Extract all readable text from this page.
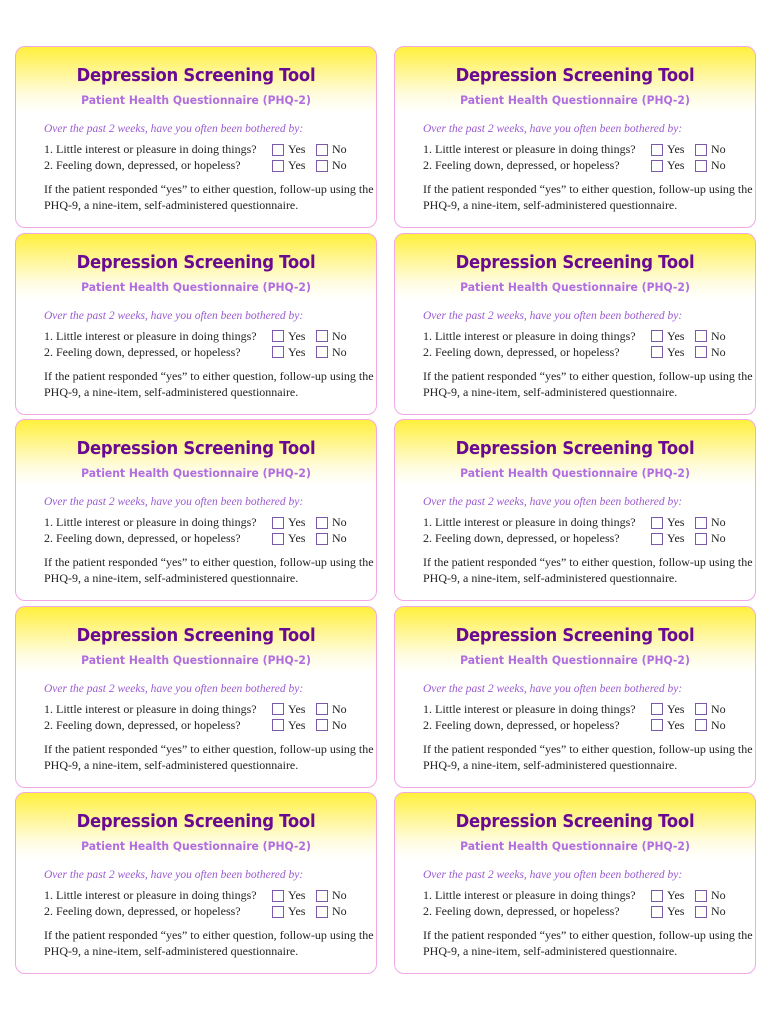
Depression Screening Tool
Patient Health Questionnaire (PHQ-2)
Over the past 2 weeks, have you often been bothered by:
1. Little interest or pleasure in doing things?	Yes No
2. Feeling down, depressed, or hopeless?	Yes No
If the patient responded “yes” to either question, follow-up using the PHQ-9, a nine-item, self-administered questionnaire.
Depression Screening Tool
Patient Health Questionnaire (PHQ-2)
Over the past 2 weeks, have you often been bothered by:
1. Little interest or pleasure in doing things?	Yes No
2. Feeling down, depressed, or hopeless?	Yes No
If the patient responded “yes” to either question, follow-up using the PHQ-9, a nine-item, self-administered questionnaire.
Depression Screening Tool
Patient Health Questionnaire (PHQ-2)
Over the past 2 weeks, have you often been bothered by:
1. Little interest or pleasure in doing things?	Yes No
2. Feeling down, depressed, or hopeless?	Yes No
If the patient responded “yes” to either question, follow-up using the PHQ-9, a nine-item, self-administered questionnaire.
Depression Screening Tool
Patient Health Questionnaire (PHQ-2)
Over the past 2 weeks, have you often been bothered by:
1. Little interest or pleasure in doing things?	Yes No
2. Feeling down, depressed, or hopeless?	Yes No
If the patient responded “yes” to either question, follow-up using the PHQ-9, a nine-item, self-administered questionnaire.
Depression Screening Tool
Patient Health Questionnaire (PHQ-2)
Over the past 2 weeks, have you often been bothered by:
1. Little interest or pleasure in doing things?	Yes No
2. Feeling down, depressed, or hopeless?	Yes No
If the patient responded “yes” to either question, follow-up using the PHQ-9, a nine-item, self-administered questionnaire.
Depression Screening Tool
Patient Health Questionnaire (PHQ-2)
Over the past 2 weeks, have you often been bothered by:
1. Little interest or pleasure in doing things?	Yes No
2. Feeling down, depressed, or hopeless?	Yes No
If the patient responded “yes” to either question, follow-up using the PHQ-9, a nine-item, self-administered questionnaire.
Depression Screening Tool
Patient Health Questionnaire (PHQ-2)
Over the past 2 weeks, have you often been bothered by:
1. Little interest or pleasure in doing things?	Yes No
2. Feeling down, depressed, or hopeless?	Yes No
If the patient responded “yes” to either question, follow-up using the PHQ-9, a nine-item, self-administered questionnaire.
Depression Screening Tool
Patient Health Questionnaire (PHQ-2)
Over the past 2 weeks, have you often been bothered by:
1. Little interest or pleasure in doing things?	Yes No
2. Feeling down, depressed, or hopeless?	Yes No
If the patient responded “yes” to either question, follow-up using the PHQ-9, a nine-item, self-administered questionnaire.
Depression Screening Tool
Patient Health Questionnaire (PHQ-2)
Over the past 2 weeks, have you often been bothered by:
1. Little interest or pleasure in doing things?	Yes No
2. Feeling down, depressed, or hopeless?	Yes No
If the patient responded “yes” to either question, follow-up using the PHQ-9, a nine-item, self-administered questionnaire.
Depression Screening Tool
Patient Health Questionnaire (PHQ-2)
Over the past 2 weeks, have you often been bothered by:
1. Little interest or pleasure in doing things?	Yes No
2. Feeling down, depressed, or hopeless?	Yes No
If the patient responded “yes” to either question, follow-up using the PHQ-9, a nine-item, self-administered questionnaire.
